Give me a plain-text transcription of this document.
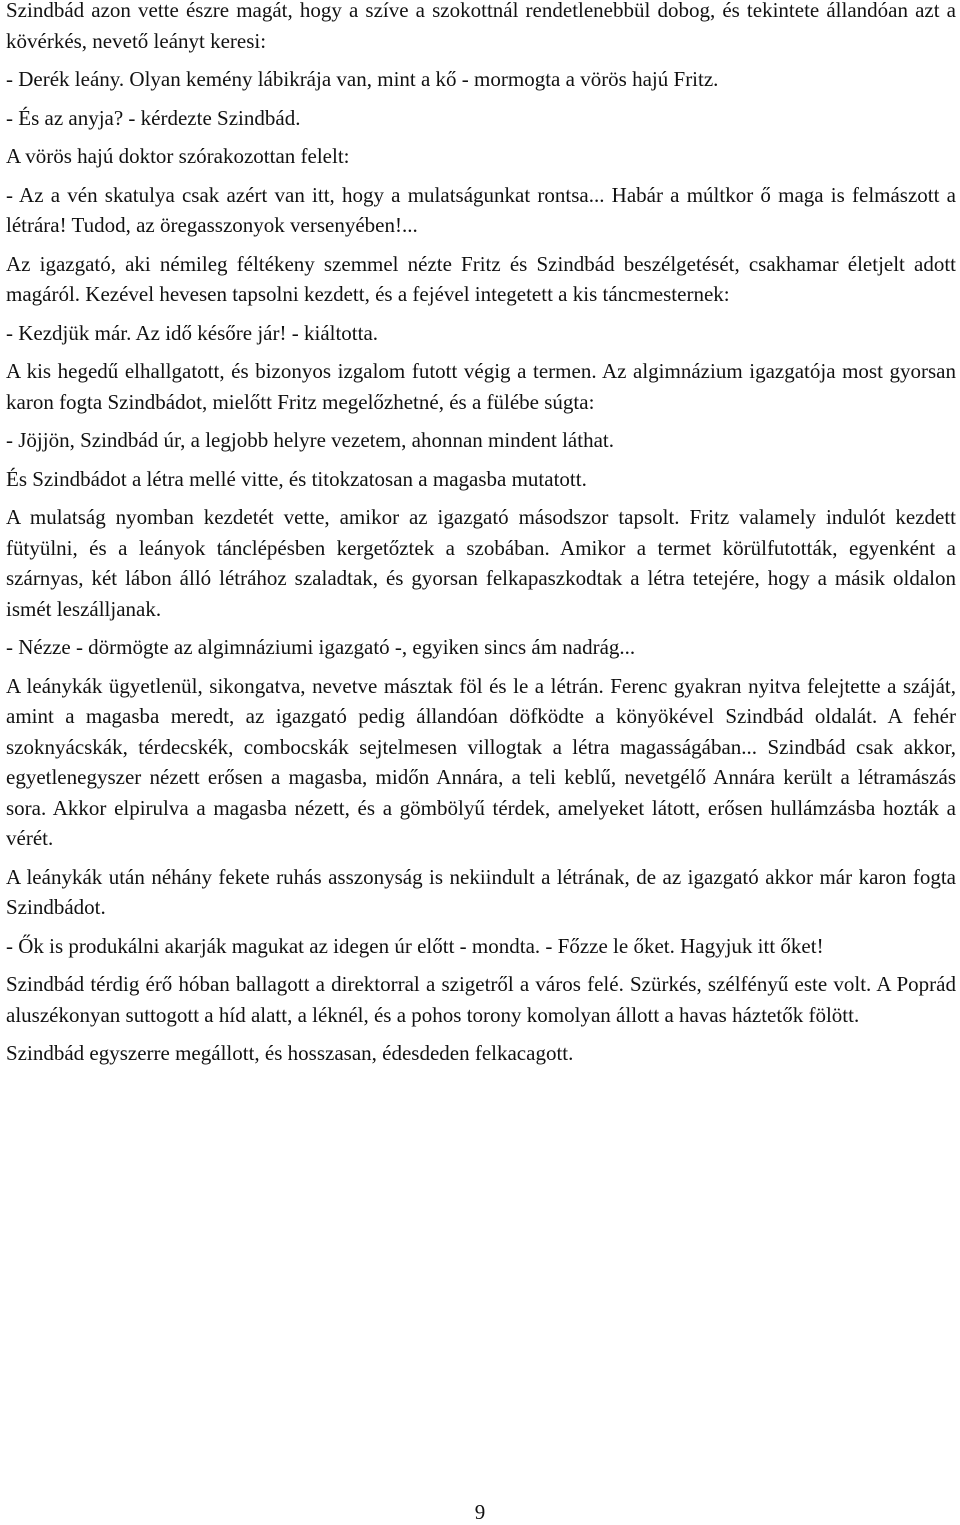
Szindbád azon vette észre magát, hogy a szíve a szokottnál rendetlenebbül dobog, és tekintete állandóan azt a kövérkés, nevető leányt keresi:

- Derék leány. Olyan kemény lábikrája van, mint a kő - mormogta a vörös hajú Fritz.

- És az anyja? - kérdezte Szindbád.

A vörös hajú doktor szórakozottan felelt:

- Az a vén skatulya csak azért van itt, hogy a mulatságunkat rontsa... Habár a múltkor ő maga is felmászott a létrára! Tudod, az öregasszonyok versenyében!...

Az igazgató, aki némileg féltékeny szemmel nézte Fritz és Szindbád beszélgetését, csakhamar életjelt adott magáról. Kezével hevesen tapsolni kezdett, és a fejével integetett a kis táncmesternek:

- Kezdjük már. Az idő későre jár! - kiáltotta.

A kis hegedű elhallgatott, és bizonyos izgalom futott végig a termen. Az algimnázium igazgatója most gyorsan karon fogta Szindbádot, mielőtt Fritz megelőzhetné, és a fülébe súgta:

- Jöjjön, Szindbád úr, a legjobb helyre vezetem, ahonnan mindent láthat.

És Szindbádot a létra mellé vitte, és titokzatosan a magasba mutatott.

A mulatság nyomban kezdetét vette, amikor az igazgató másodszor tapsolt. Fritz valamely indulót kezdett fütyülni, és a leányok tánclépésben kergetőztek a szobában. Amikor a termet körülfutották, egyenként a szárnyas, két lábon álló létrához szaladtak, és gyorsan felkapaszkodtak a létra tetejére, hogy a másik oldalon ismét leszálljanak.

- Nézze - dörmögte az algimnáziumi igazgató -, egyiken sincs ám nadrág...

A leánykák ügyetlenül, sikongatva, nevetve másztak föl és le a létrán. Ferenc gyakran nyitva felejtette a száját, amint a magasba meredt, az igazgató pedig állandóan döfködte a könyökével Szindbád oldalát. A fehér szoknyácskák, térdecskék, combocskák sejtelmesen villogtak a létra magasságában... Szindbád csak akkor, egyetlenegyszer nézett erősen a magasba, midőn Annára, a teli keblű, nevetgélő Annára került a létramászás sora. Akkor elpirulva a magasba nézett, és a gömbölyű térdek, amelyeket látott, erősen hullámzásba hozták a vérét.

A leánykák után néhány fekete ruhás asszonyság is nekiindult a létrának, de az igazgató akkor már karon fogta Szindbádot.

- Ők is produkálni akarják magukat az idegen úr előtt - mondta. - Főzze le őket. Hagyjuk itt őket!

Szindbád térdig érő hóban ballagott a direktorral a szigetről a város felé. Szürkés, szélfényű este volt. A Poprád aluszékonyan suttogott a híd alatt, a léknél, és a pohos torony komolyan állott a havas háztetők fölött.

Szindbád egyszerre megállott, és hosszasan, édesdeden felkacagott.

9
